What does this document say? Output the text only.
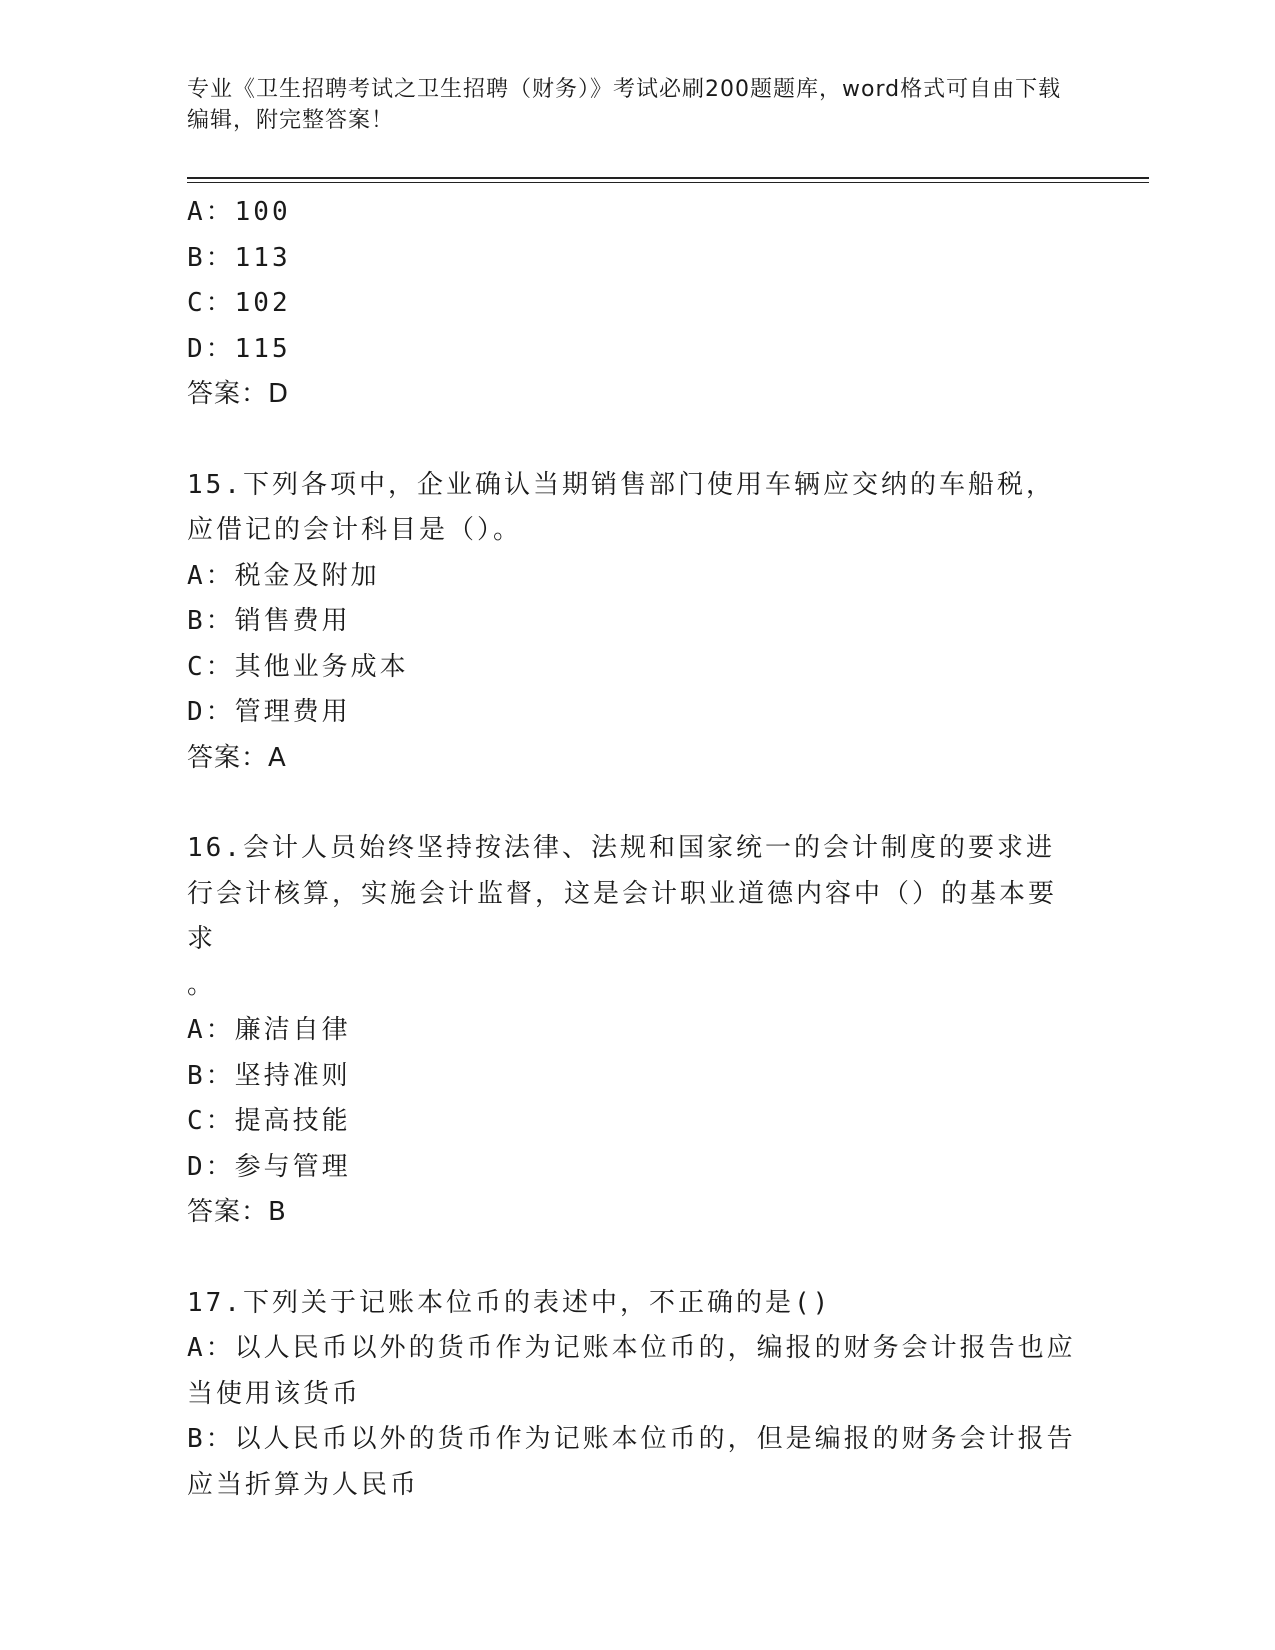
专业《卫生招聘考试之卫生招聘（财务）》考试必刷200题题库，word格式可自由下载编辑，附完整答案！
A：100
B：113
C：102
D：115
答案：D
15.下列各项中，企业确认当期销售部门使用车辆应交纳的车船税，应借记的会计科目是（）。
A：税金及附加
B：销售费用
C：其他业务成本
D：管理费用
答案：A
16.会计人员始终坚持按法律、法规和国家统一的会计制度的要求进行会计核算，实施会计监督，这是会计职业道德内容中（）的基本要求
。
A：廉洁自律
B：坚持准则
C：提高技能
D：参与管理
答案：B
17.下列关于记账本位币的表述中，不正确的是()
A：以人民币以外的货币作为记账本位币的，编报的财务会计报告也应当使用该货币
B：以人民币以外的货币作为记账本位币的，但是编报的财务会计报告应当折算为人民币
